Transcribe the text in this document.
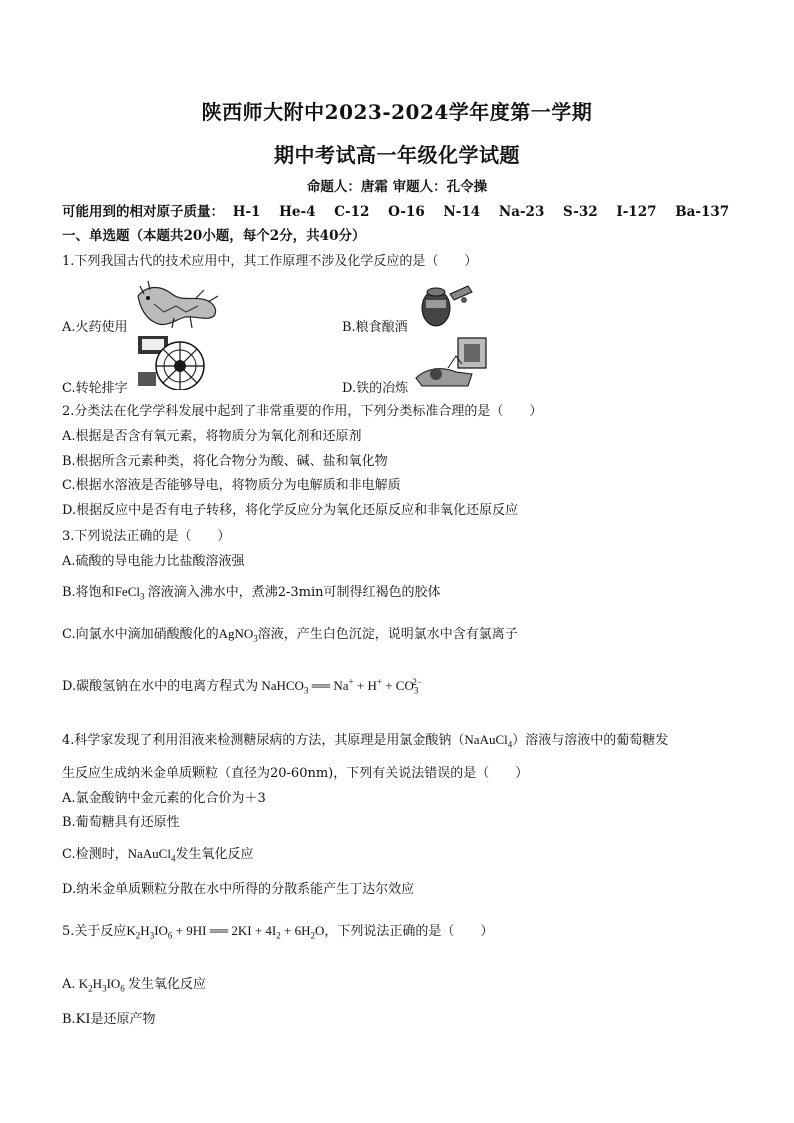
陕西师大附中2023-2024学年度第一学期
期中考试高一年级化学试题
命题人：唐霜 审题人：孔令操
可能用到的相对原子质量： H-1 He-4 C-12 O-16 N-14 Na-23 S-32 I-127 Ba-137
一、单选题（本题共20小题，每个2分，共40分）
1.下列我国古代的技术应用中，其工作原理不涉及化学反应的是（　　）
A.火药使用	B.粮食酿酒
C.转轮排字	D.铁的冶炼
2.分类法在化学学科发展中起到了非常重要的作用，下列分类标准合理的是（　　）
A.根据是否含有氧元素，将物质分为氧化剂和还原剂
B.根据所含元素种类，将化合物分为酸、碱、盐和氧化物
C.根据水溶液是否能够导电，将物质分为电解质和非电解质
D.根据反应中是否有电子转移，将化学反应分为氧化还原反应和非氧化还原反应
3.下列说法正确的是（　　）
A.硫酸的导电能力比盐酸溶液强
B.将饱和FeCl$_3$ 溶液滴入沸水中，煮沸2-3min可制得红褐色的胶体
C.向氯水中滴加硝酸酸化的AgNO$_3$溶液，产生白色沉淀，说明氯水中含有氯离子
D.碳酸氢钠在水中的电离方程式为 NaHCO$_3$ ══ $Na^+ + H^+ + CO_3^{2-}$
4.科学家发现了利用泪液来检测糖尿病的方法，其原理是用氯金酸钠（NaAuCl$_4$）溶液与溶液中的葡萄糖发
生反应生成纳米金单质颗粒（直径为20-60nm)，下列有关说法错误的是（　　）
A.氯金酸钠中金元素的化合价为＋3
B.葡萄糖具有还原性
C.检测时，NaAuCl$_4$发生氧化反应
D.纳米金单质颗粒分散在水中所得的分散系能产生丁达尔效应
5.关于反应$K_2H_3IO_6 + 9HI$ ══ $2KI + 4I_2 + 6H_2O$，下列说法正确的是（　　）
A. $K_2H_3IO_6$ 发生氧化反应
B.KI是还原产物
